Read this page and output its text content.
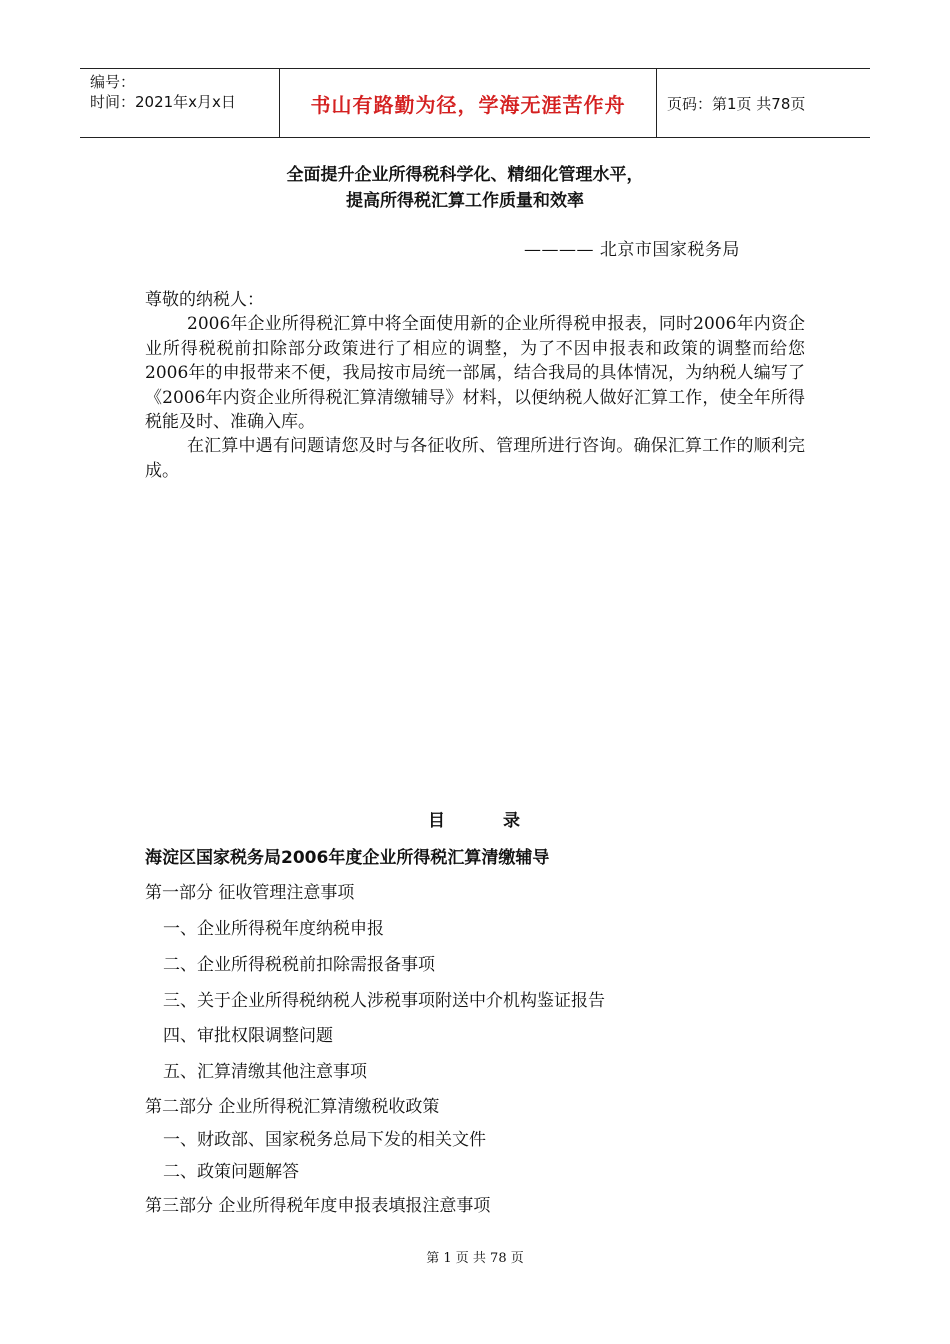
编号：
时间：2021年x月x日	书山有路勤为径，学海无涯苦作舟	页码：第1页 共78页
全面提升企业所得税科学化、精细化管理水平，
提高所得税汇算工作质量和效率
———— 北京市国家税务局
尊敬的纳税人：
2006年企业所得税汇算中将全面使用新的企业所得税申报表，同时2006年内资企业所得税税前扣除部分政策进行了相应的调整，为了不因申报表和政策的调整而给您2006年的申报带来不便，我局按市局统一部属，结合我局的具体情况，为纳税人编写了《2006年内资企业所得税汇算清缴辅导》材料，以便纳税人做好汇算工作，使全年所得税能及时、准确入库。
在汇算中遇有问题请您及时与各征收所、管理所进行咨询。确保汇算工作的顺利完成。
目	录
海淀区国家税务局2006年度企业所得税汇算清缴辅导
第一部分 征收管理注意事项
一、企业所得税年度纳税申报
二、企业所得税税前扣除需报备事项
三、关于企业所得税纳税人涉税事项附送中介机构鉴证报告
四、审批权限调整问题
五、汇算清缴其他注意事项
第二部分 企业所得税汇算清缴税收政策
一、财政部、国家税务总局下发的相关文件
二、政策问题解答
第三部分 企业所得税年度申报表填报注意事项
第 1 页 共 78 页
